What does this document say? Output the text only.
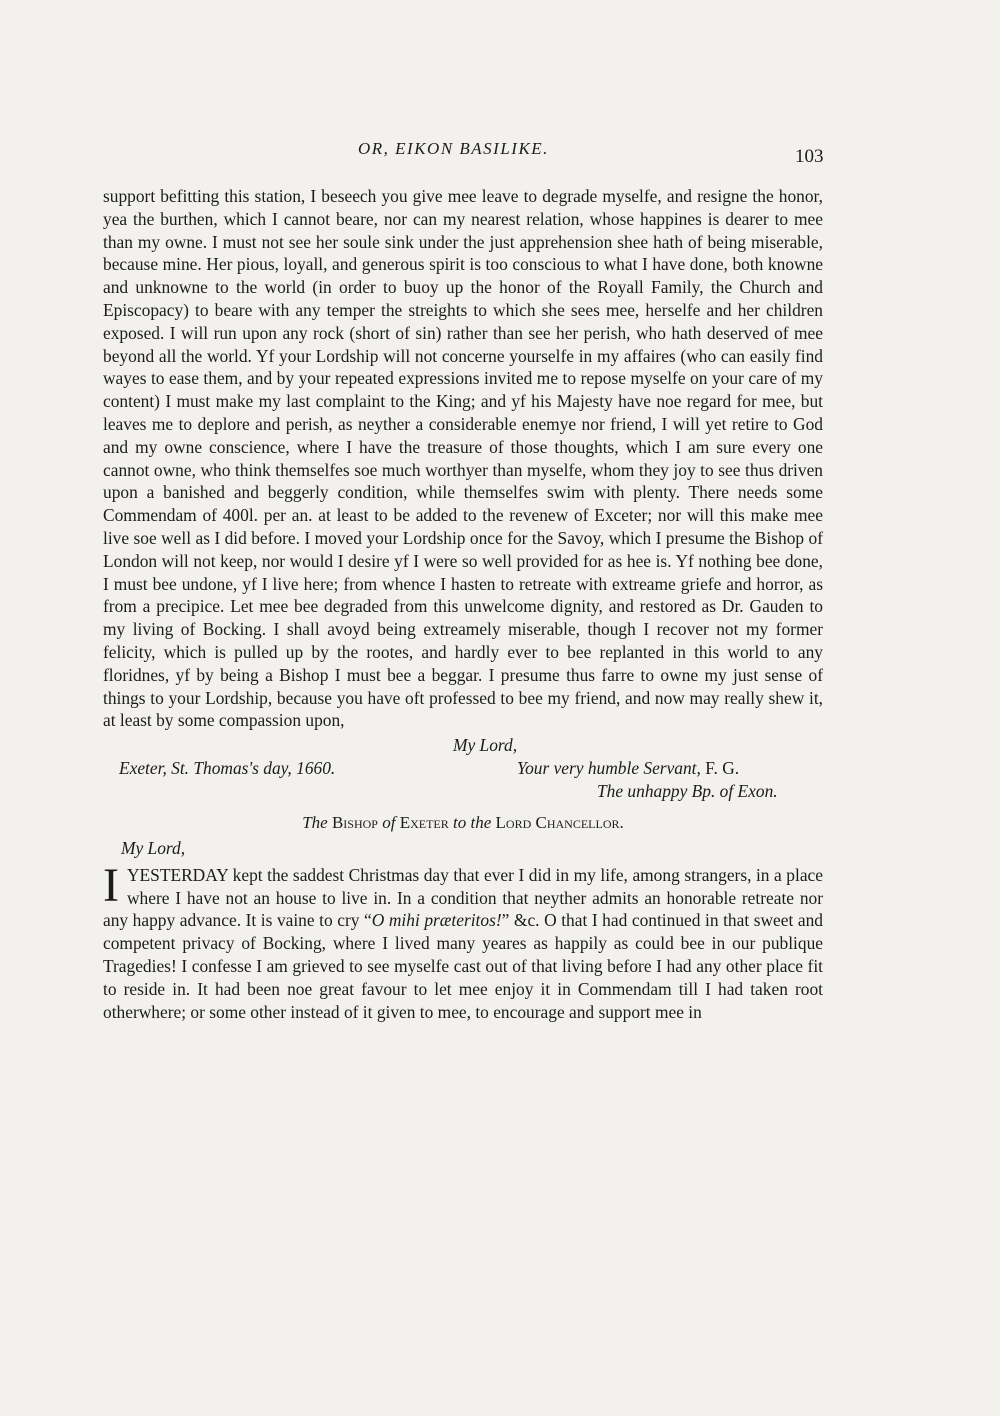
OR, EIKON BASILIKE.	103

support befitting this station, I beseech you give mee leave to degrade myselfe, and resigne the honor, yea the burthen, which I cannot beare, nor can my nearest relation, whose happines is dearer to mee than my owne. I must not see her soule sink under the just apprehension shee hath of being miserable, because mine. Her pious, loyall, and generous spirit is too conscious to what I have done, both knowne and unknowne to the world (in order to buoy up the honor of the Royall Family, the Church and Episcopacy) to beare with any temper the streights to which she sees mee, herselfe and her children exposed. I will run upon any rock (short of sin) rather than see her perish, who hath deserved of mee beyond all the world. Yf your Lordship will not concerne yourselfe in my affaires (who can easily find wayes to ease them, and by your repeated expressions invited me to repose myselfe on your care of my content) I must make my last complaint to the King; and yf his Majesty have noe regard for mee, but leaves me to deplore and perish, as neyther a considerable enemye nor friend, I will yet retire to God and my owne conscience, where I have the treasure of those thoughts, which I am sure every one cannot owne, who think themselfes soe much worthyer than myselfe, whom they joy to see thus driven upon a banished and beggerly condition, while themselfes swim with plenty. There needs some Commendam of 400l. per an. at least to be added to the revenew of Exceter; nor will this make mee live soe well as I did before. I moved your Lordship once for the Savoy, which I presume the Bishop of London will not keep, nor would I desire yf I were so well provided for as hee is. Yf nothing bee done, I must bee undone, yf I live here; from whence I hasten to retreate with extreame griefe and horror, as from a precipice. Let mee bee degraded from this unwelcome dignity, and restored as Dr. Gauden to my living of Bocking. I shall avoyd being extreamely miserable, though I recover not my former felicity, which is pulled up by the rootes, and hardly ever to bee replanted in this world to any floridnes, yf by being a Bishop I must bee a beggar. I presume thus farre to owne my just sense of things to your Lordship, because you have oft professed to bee my friend, and now may really shew it, at least by some compassion upon,

My Lord,
Exeter, St. Thomas's day, 1660.	Your very humble Servant, F. G.
The unhappy Bp. of Exon.
The Bishop of Exeter to the Lord Chancellor.
My Lord,
I YESTERDAY kept the saddest Christmas day that ever I did in my life, among strangers, in a place where I have not an house to live in. In a condition that neyther admits an honorable retreate nor any happy advance. It is vaine to cry “O mihi præteritos!” &c. O that I had continued in that sweet and competent privacy of Bocking, where I lived many yeares as happily as could bee in our publique Tragedies! I confesse I am grieved to see myselfe cast out of that living before I had any other place fit to reside in. It had been noe great favour to let mee enjoy it in Commendam till I had taken root otherwhere; or some other instead of it given to mee, to encourage and support mee in
